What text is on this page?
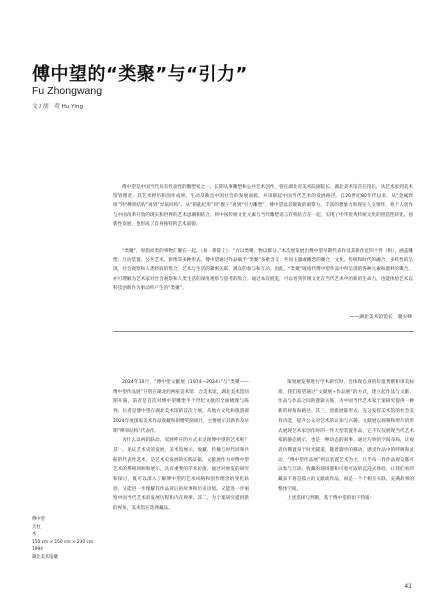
傅中望的“类聚”与“引力”
Fu Zhongwang
文 / 胡　莺 Hu Ying

傅中望是中国当代具有代表性的雕塑家之一，长期从事雕塑和公共艺术创作，曾任湖北省美术院副院长、湖北美术馆首任馆长，从艺术家到美术馆管理者，其艺术经历和创作成果，生动反映出中国社会的发展面貌，并串联起中国当代艺术的发展路径。自20世纪80年代以来，从“金属焊接”到“榫卯结构”再到“异质同构”，从“锁匙纪形”到“楔子”再到“引力雕塑”，傅中望以其敏锐的洞察力、丰富的想象力和现实人文情怀，将个人创作与中国改革开放的现实和世界的艺术思潮相结合，将中国传统文化元素与当代雕塑语言有机结合在一起，实现了中华优秀传统文化的创造性转化、创新性发展，也形成了自身独特的艺术面貌。

“类聚”，原指同类的事物汇聚在一起。《易 · 系辞上》：“方以类聚，物以群分。”本次展览展出傅中望早期代表作及其新作近四十件（组），涵盖雕塑、互动装置、公共艺术、影像等多种形式。傅中望通过作品赋予“类聚”多重含义：共同主题或概念的聚合，文化、传统和时代的融合，多样性的呈现，社会观察和人类经验的集合，艺术与生活的紧密关联，观众的参与和互动。因此，“类聚”既指代傅中望作品中所呈现的各种元素和题材的聚合，亦可理解为艺术家对社会观察和人类生活的深度观察与思考的集合。通过本次展览，可以看到传统文化在当代艺术中的新的生命力，也能体验艺术以科技创新作为驱动所产生的“类聚”。

——湖北美术馆馆长　冀少峰

2024年10月，“傅中望文献展（1974—2024）”与“类聚——傅中望作品展”分别在湖北的两座美术馆：合美术馆、湖北美术馆同期开幕，前者是首次对傅中望雕塑半个世纪文献的全面梳理与陈列；后者是傅中望在湖北美术馆的首次个展。从地方文化和旅游部2024年度国家美术作品收藏和捐赠奖励项目，主要展示其新作及早期“榫卯结构”代表作。

为什么以两馆联动、双展呼应的方式来呈现傅中望的艺术呢？其一，见证艺术史的发展，美术馆展示、收藏、传播与时代同频共振的代表性艺术，是艺术史发展的实践证据，文献展作为对傅中望艺术的系统回顾和展示，具有重要的学术价值，通过对展览的研究和探讨，既可以深入了解傅中望的艺术风格和创作理念的变化轨迹，又能进一步理解其作品背后的故事和历史语境。又能进一步洞察中国当代艺术的发展历程和内在规律。其二，为个案研究提供新的视角，美术馆在选择藏品、

策划展览和进行学术研究时，会体现自身的价值判断和审美标准，我们希望通过“文献展+作品展”的方式，建立起作品与文献、作品与作品之间的逻辑关联，为中国当代艺术家个案研究提供一种新的视角和路径。其三，创新展陈形式，充分发挥美术馆的社会美育功能，提升公众对艺术的认知与兴趣。文献展以视频和照片的形式展现艺术家创作时的一件大型装置作品，它不仅仅展现当代艺术家的静态展示，也是一种动态的叙事。通过巧妙的空间布局，让观者仿佛置身于时光隧道，随着脚步的移动，感受作品中的呼吸和灵动，“傅中望作品展”则以装置艺术为主，几乎每一件作品观众都可以参与互动。收藏的现场感和可收可取的沉浸式体验，让我们看到藏品不再是孤立的文献或作品，而是一个个相互关联、充满故事的整体空间。

上述选择与判断，基于傅中望的如下特质：

傅中望
天柱
木
150 cm × 150 cm × 230 cm
1994
湖北美术馆藏
41
